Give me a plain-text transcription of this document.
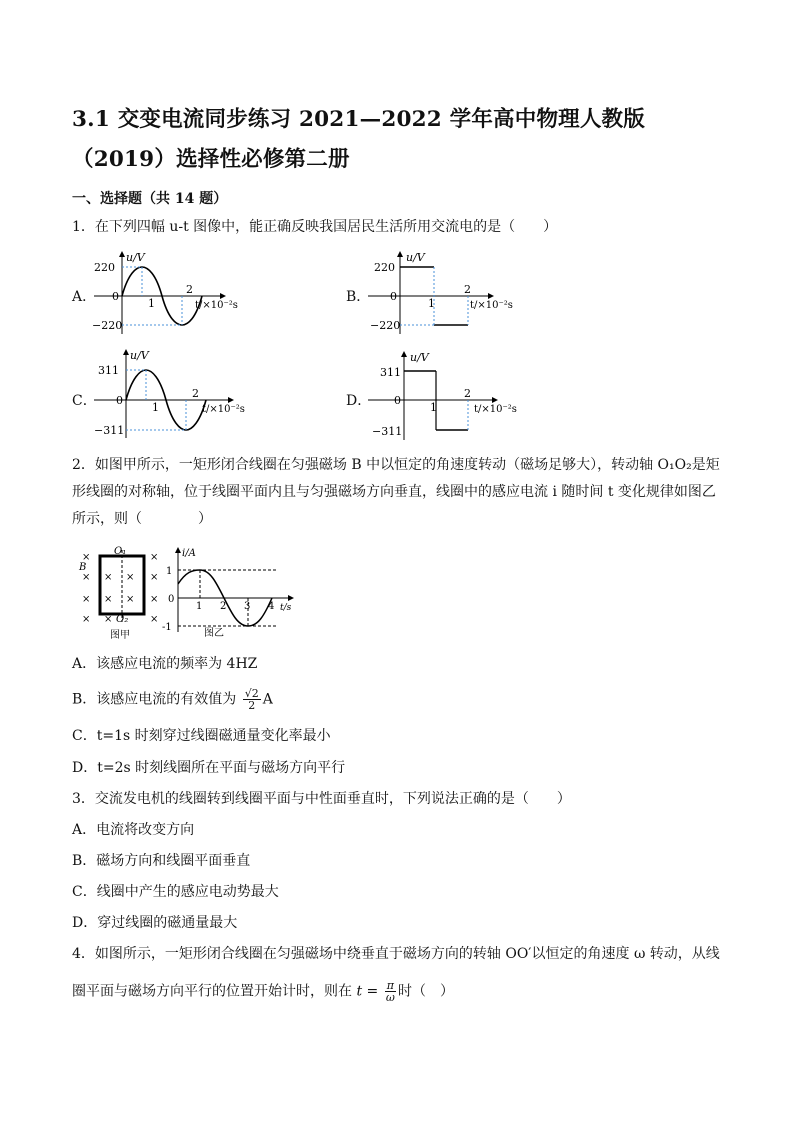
3.1 交变电流同步练习 2021—2022 学年高中物理人教版（2019）选择性必修第二册
一、选择题（共 14 题）
1．在下列四幅 u-t 图像中，能正确反映我国居民生活所用交流电的是（　　）
A．
u/V
220
−220
0
1
2
t/×10⁻²s
B．
u/V
220
−220
0
1
2
t/×10⁻²s
C．
u/V
311
−311
0
1
2
t/×10⁻²s
D．
u/V
311
−311
0
1
2
t/×10⁻²s
2．如图甲所示，一矩形闭合线圈在匀强磁场 B 中以恒定的角速度转动（磁场足够大），转动轴 O₁O₂是矩形线圈的对称轴，位于线圈平面内且与匀强磁场方向垂直，线圈中的感应电流 i 随时间 t 变化规律如图乙所示，则（　　　　）
×	×
× × × ×
× × × ×
× ×	×
B
O₁
O₂
图甲
i/A
1
-1
0
1 2 3 4 t/s
图乙
A．该感应电流的频率为 4HZ
B．该感应电流的有效值为 $\frac{√2}{2}$ A
C．t=1s 时刻穿过线圈磁通量变化率最小
D．t=2s 时刻线圈所在平面与磁场方向平行
3．交流发电机的线圈转到线圈平面与中性面垂直时，下列说法正确的是（　　）
A．电流将改变方向
B．磁场方向和线圈平面垂直
C．线圈中产生的感应电动势最大
D．穿过线圈的磁通量最大
4．如图所示，一矩形闭合线圈在匀强磁场中绕垂直于磁场方向的转轴 OO′以恒定的角速度 ω 转动，从线
圈平面与磁场方向平行的位置开始计时，则在 $t = \frac{\pi}{\omega}$ 时（　）
